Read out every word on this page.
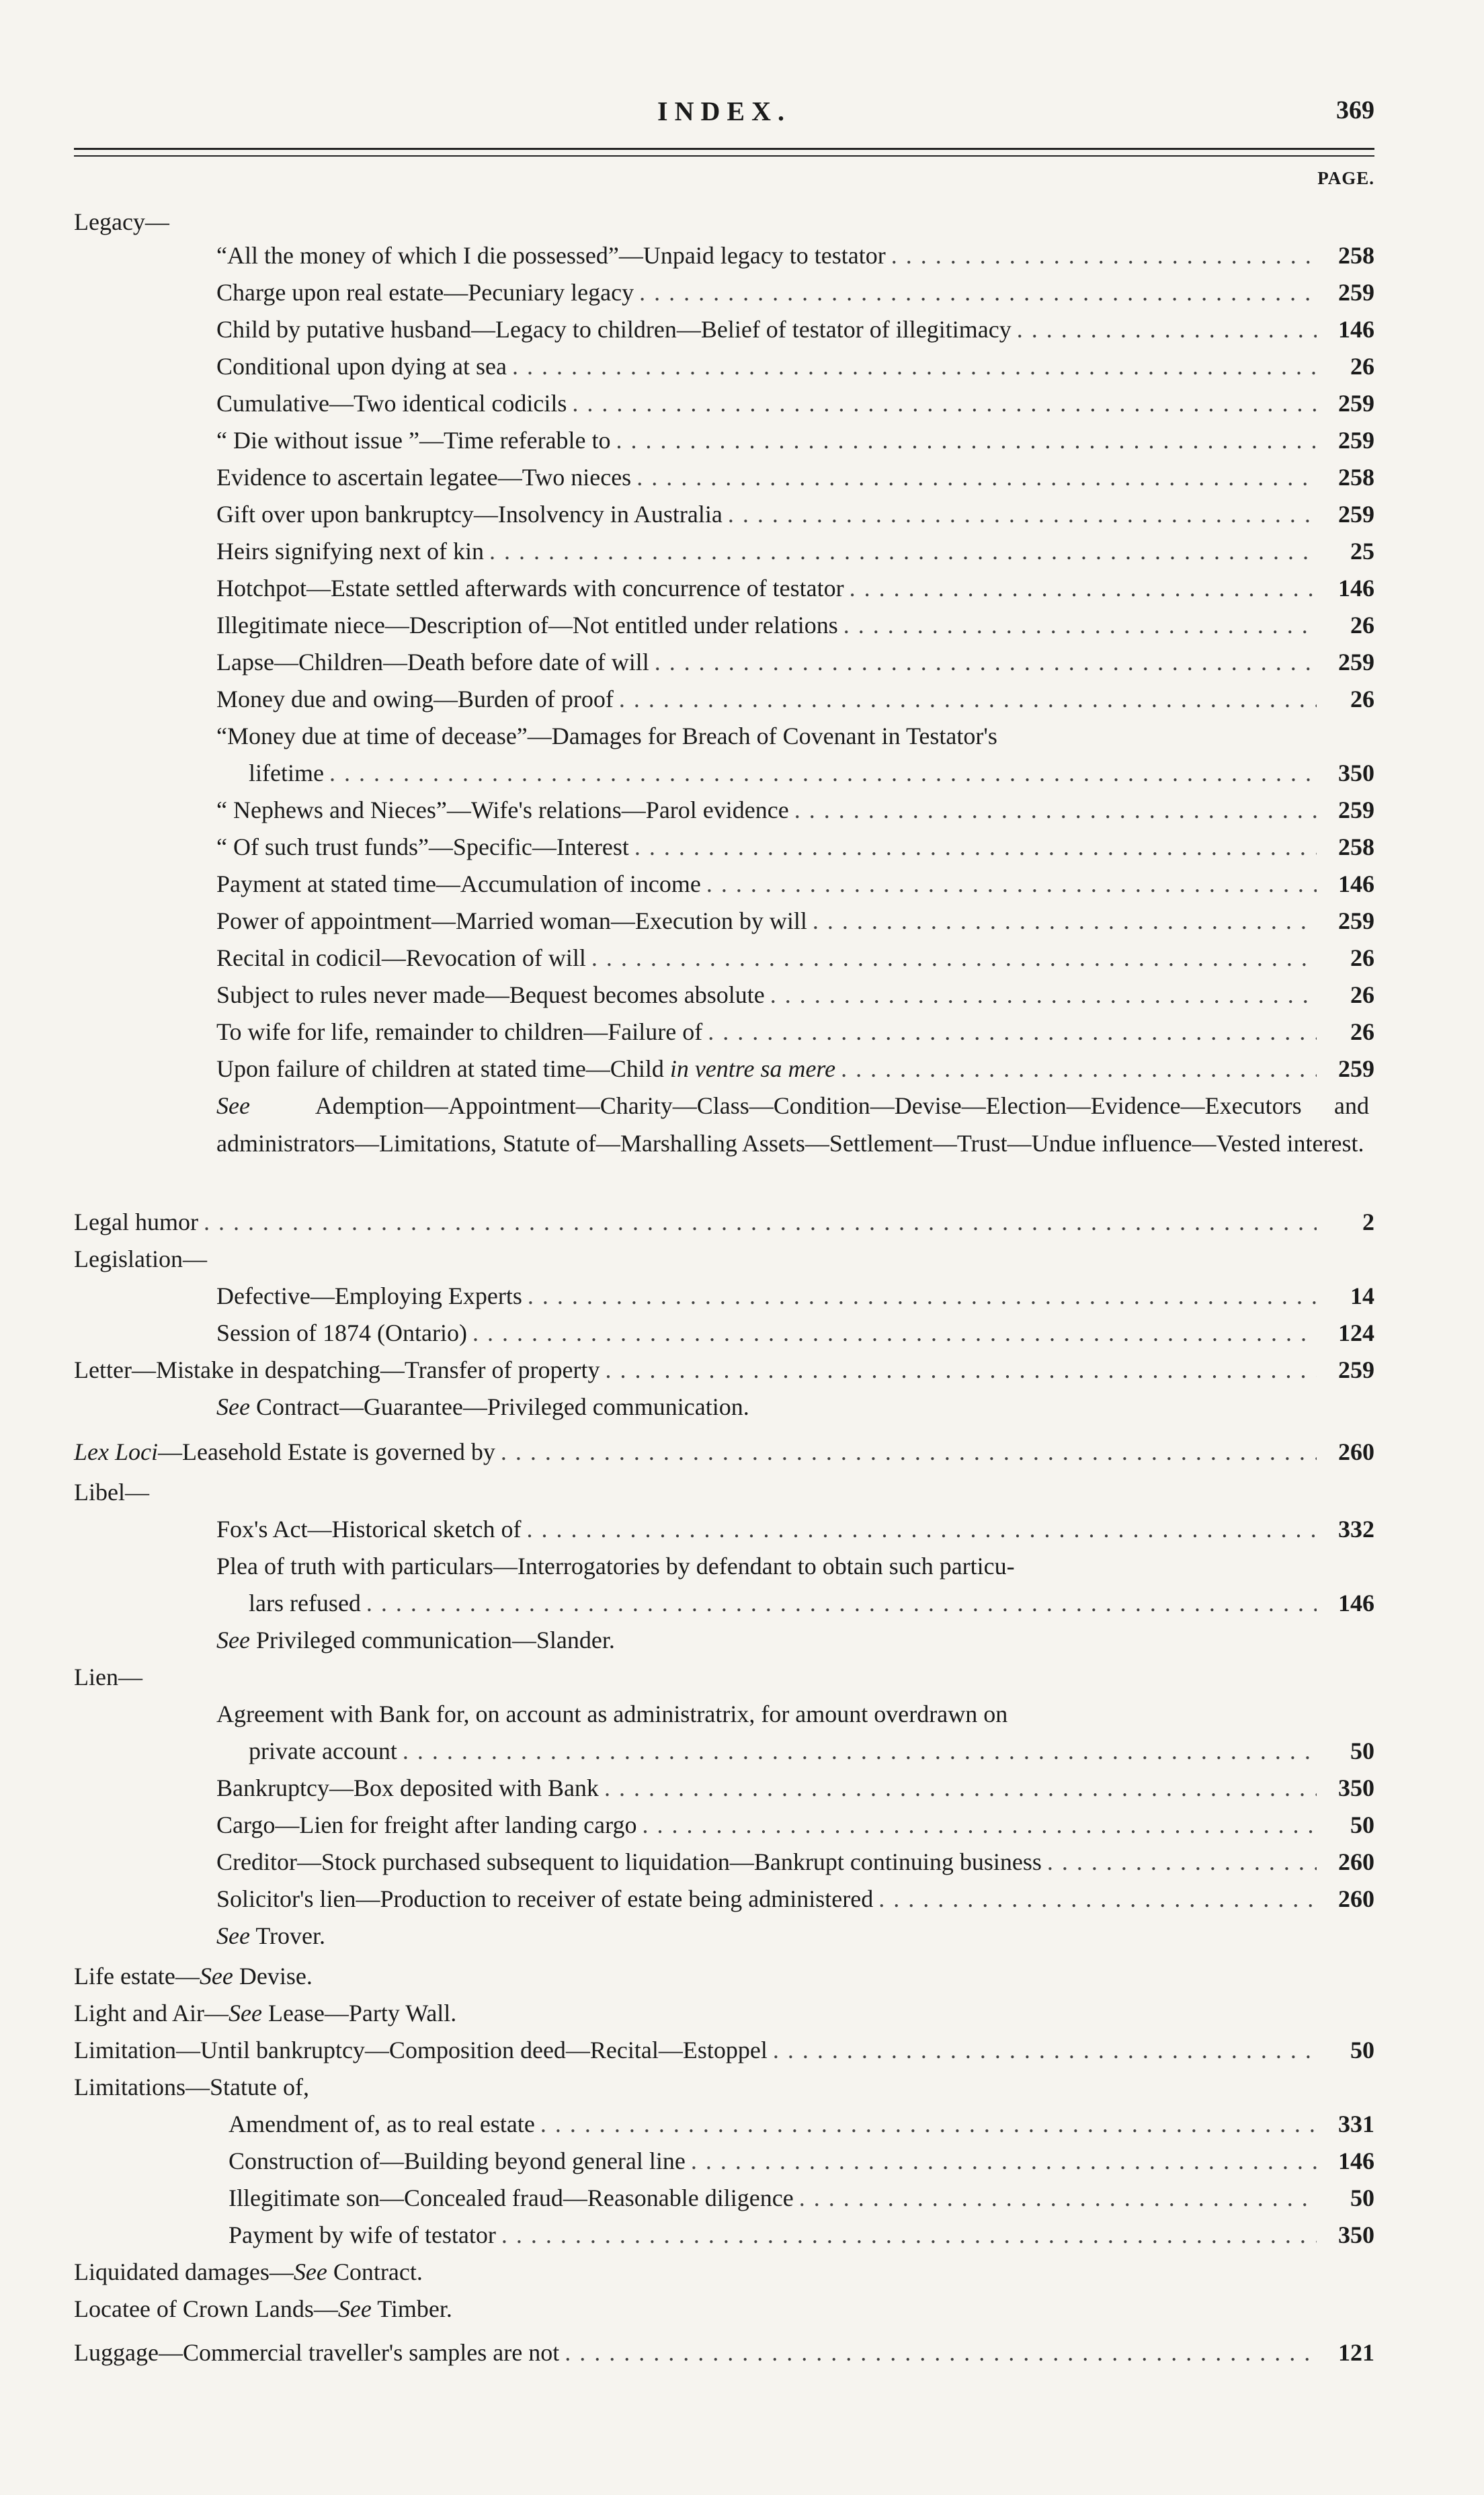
INDEX.	369
PAGE.
Legacy—
“All the money of which I die possessed”—Unpaid legacy to testator . . .	258
Charge upon real estate—Pecuniary legacy . . .	259
Child by putative husband—Legacy to children—Belief of testator of illegitimacy . . .	146
Conditional upon dying at sea . . .	26
Cumulative—Two identical codicils . . .	259
“ Die without issue ”—Time referable to . . .	259
Evidence to ascertain legatee—Two nieces . . .	258
Gift over upon bankruptcy—Insolvency in Australia . . .	259
Heirs signifying next of kin . . .	25
Hotchpot—Estate settled afterwards with concurrence of testator . . .	146
Illegitimate niece—Description of—Not entitled under relations . . .	26
Lapse—Children—Death before date of will . . .	259
Money due and owing—Burden of proof . . .	26
“Money due at time of decease”—Damages for Breach of Covenant in Testator's
lifetime . . .	350
“ Nephews and Nieces”—Wife's relations—Parol evidence . . .	259
“ Of such trust funds”—Specific—Interest . . .	258
Payment at stated time—Accumulation of income . . .	146
Power of appointment—Married woman—Execution by will . . .	259
Recital in codicil—Revocation of will . . .	26
Subject to rules never made—Bequest becomes absolute . . .	26
To wife for life, remainder to children—Failure of . . .	26
Upon failure of children at stated time—Child in ventre sa mere . . .	259
See	Ademption—Appointment—Charity—Class—Condition—Devise—Election—Evidence—Executors and administrators—Limitations, Statute of—Marshalling Assets—Settlement—Trust—Undue influence—Vested interest.
Legal humor . . .	2
Legislation—
Defective—Employing Experts . . .	14
Session of 1874 (Ontario) . . .	124
Letter—Mistake in despatching—Transfer of property . . .	259
See Contract—Guarantee—Privileged communication.
Lex Loci—Leasehold Estate is governed by . . .	260
Libel—
Fox's Act—Historical sketch of . . .	332
Plea of truth with particulars—Interrogatories by defendant to obtain such particu-
lars refused . . .	146
See Privileged communication—Slander.
Lien—
Agreement with Bank for, on account as administratrix, for amount overdrawn on
private account . . .	50
Bankruptcy—Box deposited with Bank . . .	350
Cargo—Lien for freight after landing cargo . . .	50
Creditor—Stock purchased subsequent to liquidation—Bankrupt continuing business . . .	260
Solicitor's lien—Production to receiver of estate being administered . . .	260
See Trover.
Life estate—See Devise.
Light and Air—See Lease—Party Wall.
Limitation—Until bankruptcy—Composition deed—Recital—Estoppel . . .	50
Limitations—Statute of,
Amendment of, as to real estate . . .	331
Construction of—Building beyond general line . . .	146
Illegitimate son—Concealed fraud—Reasonable diligence . . .	50
Payment by wife of testator . . .	350
Liquidated damages—See Contract.
Locatee of Crown Lands—See Timber.
Luggage—Commercial traveller's samples are not . . .	121
